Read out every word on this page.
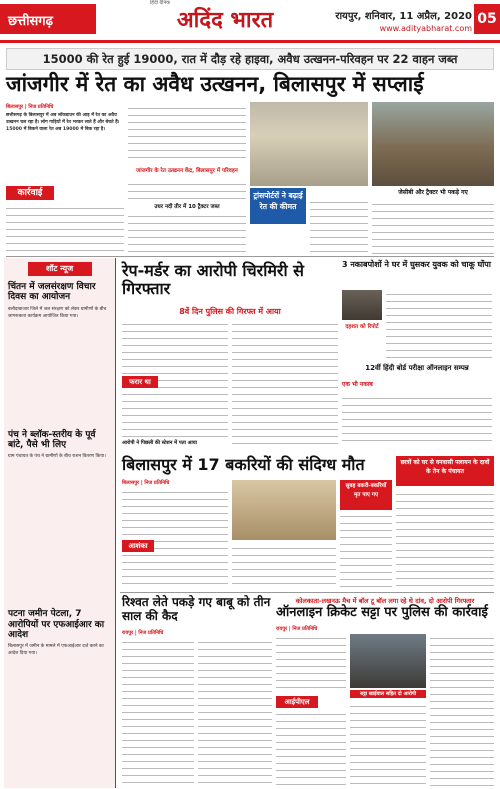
छत्तीसगढ़
हिंदी दैनिक
अदिंद भारत	रायपुर, शनिवार, 11 अप्रैल, 2020
www.adityabharat.com
05
15000 की रेत हुई 19000, रात में दौड़ रहे हाइवा, अवैध उत्खनन-परिवहन पर 22 वाहन जब्त
जांजगीर में रेत का अवैध उत्खनन, बिलासपुर में सप्लाई
बिलासपुर | निज प्रतिनिधि
छत्तीसगढ़ के बिलासपुर में अब लॉकडाउन की आड़ में रेत का अवैध उत्खनन चल रहा है। लोग गाड़ियों में रेत भरकर लाते हैं और बेचते हैं। 15000 में बिकने वाला रेत अब 19000 में बिक रहा है।
कार्रवाई
जांजगीर के रेत उत्खनन केंद्र, बिलासपुर में परिवहन
उधर नदी तीर में 10 ट्रैक्टर जब्त
जेसीबी और ट्रैक्टर भी पकड़े गए
ट्रांसपोर्टरों ने बढ़ाई रेत की कीमत
शॉट न्यूज
चिंतन में जलसंरक्षण विचार दिवस का आयोजन
बलौदाबाजार जिले में जल संरक्षण को लेकर ग्रामीणों के बीच जागरूकता कार्यक्रम आयोजित किया गया।
पंच ने ब्लॉक-स्तरीय के पूर्व बांटे, पैसे भी लिए
ग्राम पंचायत के पंच ने ग्रामीणों के बीच राशन वितरण किया।
पटना जमीन पेटला, 7 आरोपियों पर एफआईआर का आदेश
बिलासपुर में जमीन के मामले में एफआईआर दर्ज करने का आदेश दिया गया।
रेप-मर्डर का आरोपी चिरमिरी से गिरफ्तार
8वें दिन पुलिस की गिरफ्त में आया
फरार था
आरोपी ने पिछली की स्टेशन में पता आया
3 नकाबपोशों ने घर में घुसकर युवक को चाकू घोंपा
दहशत को रिपोर्ट
12वीं हिंदी बोर्ड परीक्षा ऑनलाइन सम्पन्न
एक भी नकाब
बिलासपुर में 17 बकरियों की संदिग्ध मौत
बिलासपुर | निज प्रतिनिधि
आशंका
सुबह बकरी-बकरियों मृत पाए गए
छात्रों को घर से वनवासी पलायन के दावों के तेन के पंचायत
रिश्वत लेते पकड़े गए बाबू को तीन साल की कैद
रायपुर | निज प्रतिनिधि
कोलकाता-लखनऊ मैच में बॉल टू बॉल लगा रहे थे दांव, दो आरोपी गिरफ्तार
ऑनलाइन क्रिकेट सट्टा पर पुलिस की कार्रवाई
रायपुर | निज प्रतिनिधि
आईपीएल
सट्टा खाईवाल सहित दो आरोपी
